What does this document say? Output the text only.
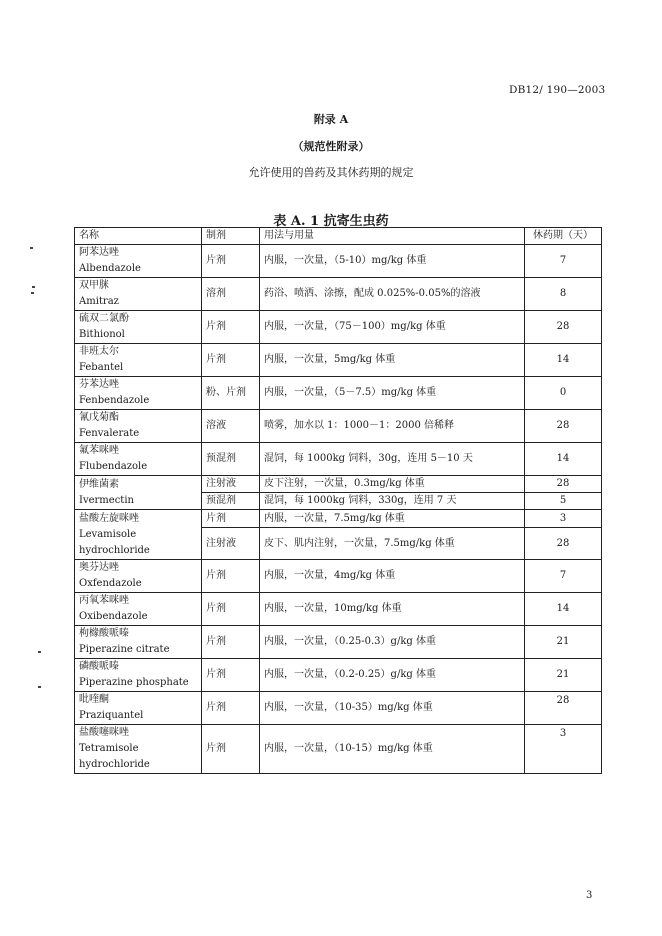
DB12/ 190—2003
附录 A
（规范性附录）
允许使用的兽药及其休药期的规定
表 A. 1 抗寄生虫药
名称	制剂	用法与用量	休药期（天）

阿苯达唑
Albendazole	片剂	内服，一次量，（5-10）mg/kg 体重	7

双甲脒
Amitraz	溶剂	药浴、喷洒、涂擦，配成 0.025%-0.05%的溶液	8

硫双二氯酚
Bithionol	片剂	内服，一次量，（75－100）mg/kg 体重	28

非班太尔
Febantel	片剂	内服，一次量，5mg/kg 体重	14

芬苯达唑
Fenbendazole	粉、片剂	内服，一次量，（5－7.5）mg/kg 体重	0

氰戊菊酯
Fenvalerate	溶液	喷雾，加水以 1：1000－1：2000 倍稀释	28

氟苯咪唑
Flubendazole	预混剂	混饲，每 1000kg 饲料，30g，连用 5－10 天	14

伊维菌素
Ivermectin	注射液	皮下注射，一次量，0.3mg/kg 体重	28
	预混剂	混饲，每 1000kg 饲料，330g，连用 7 天	5

盐酸左旋咪唑
Levamisole
hydrochloride	片剂	内服，一次量，7.5mg/kg 体重	3
	注射液	皮下、肌内注射，一次量，7.5mg/kg 体重	28

奥芬达唑
Oxfendazole	片剂	内服，一次量，4mg/kg 体重	7

丙氧苯咪唑
Oxibendazole	片剂	内服，一次量，10mg/kg 体重	14

枸橼酸哌嗪
Piperazine citrate	片剂	内服，一次量，（0.25-0.3）g/kg 体重	21

磷酸哌嗪
Piperazine phosphate	片剂	内服，一次量，（0.2-0.25）g/kg 体重	21

吡喹酮
Praziquantel	片剂	内服，一次量，（10-35）mg/kg 体重	28

盐酸噻咪唑
Tetramisole
hydrochloride	片剂	内服，一次量，（10-15）mg/kg 体重	3
3
